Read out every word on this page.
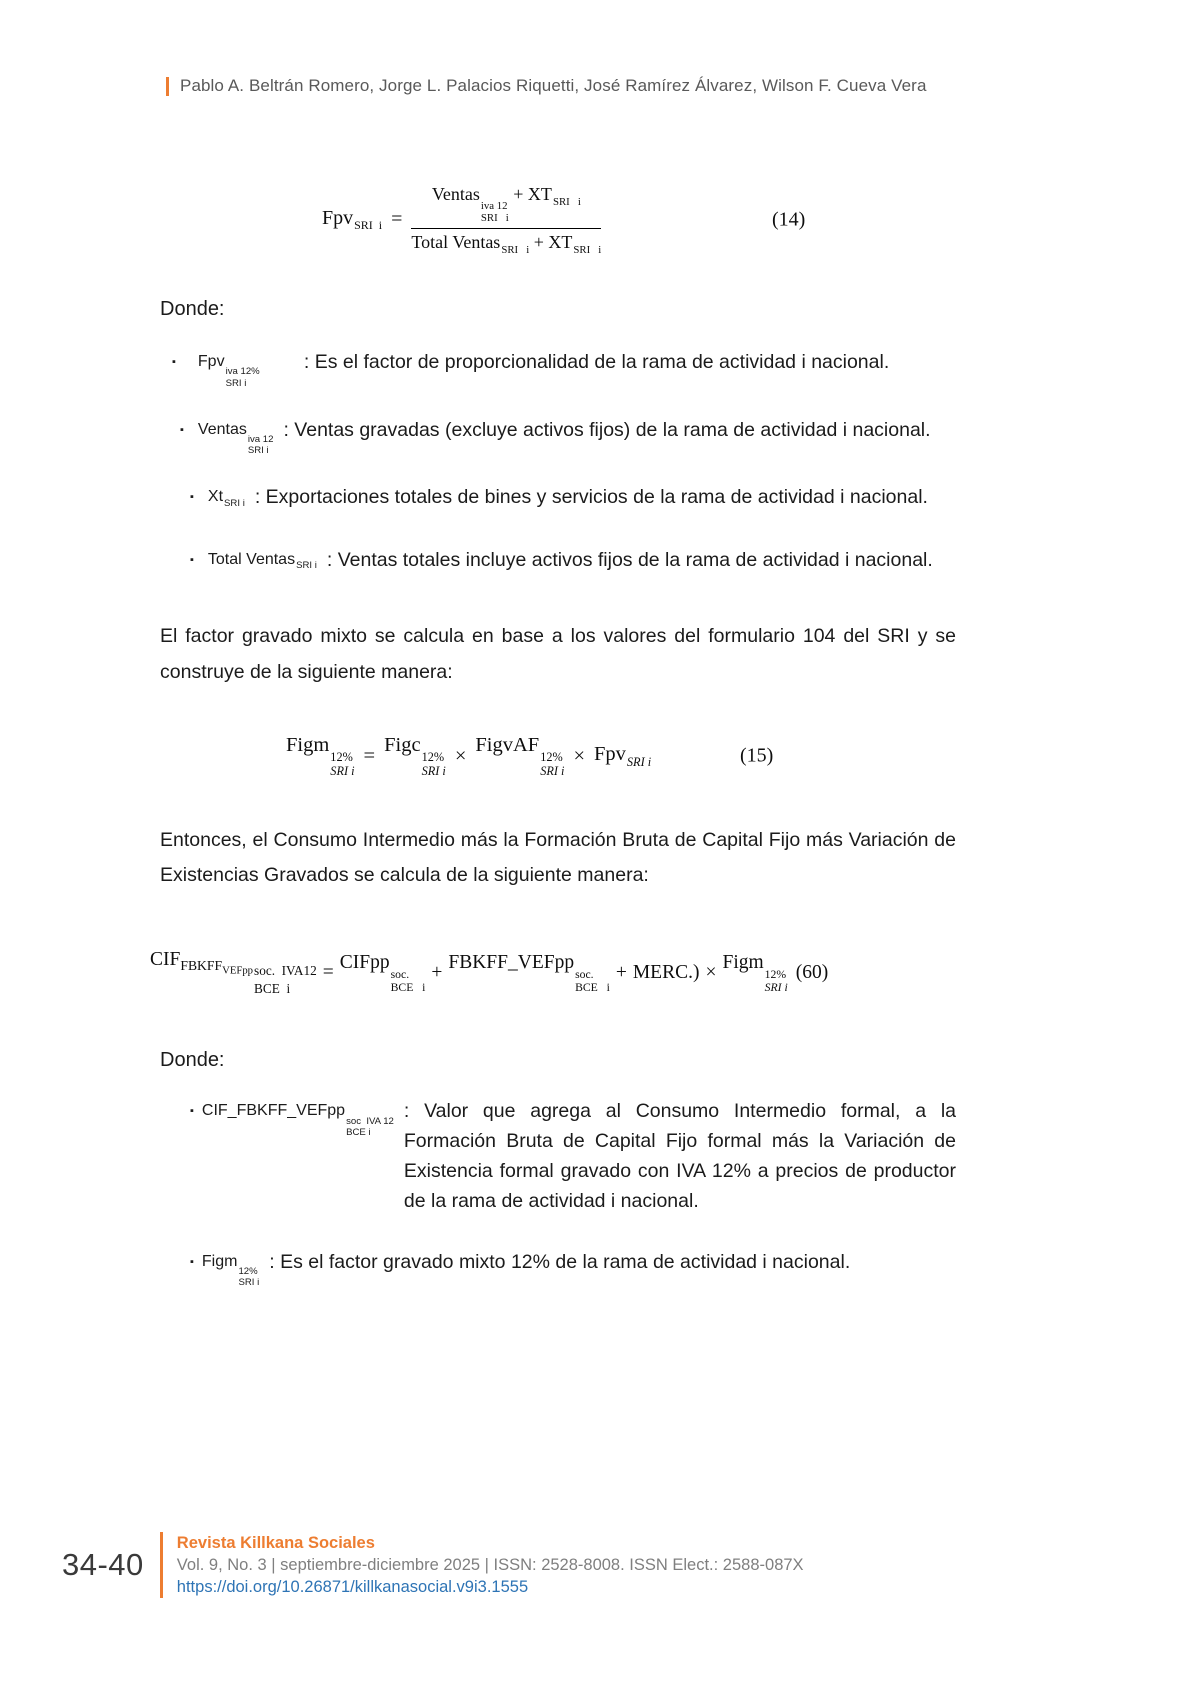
Pablo A. Beltrán Romero, Jorge L. Palacios Riquetti, José Ramírez Álvarez, Wilson F. Cueva Vera
Fpv$_{SRI i}$ = Ventas
iva 12
SRI   i
+ $XT_{SRI i}$
Total Ventas$_{SRI i}$ + $XT_{SRI i}$	(14)
Donde:
▪ Fpv
iva 12%
SRI i
: Es el factor de proporcionalidad de la rama de actividad i nacional.
▪ Ventas
iva 12
SRI i
: Ventas gravadas (excluye activos fijos) de la rama de actividad i nacional.
▪ $Xt_{SRI i}$ : Exportaciones totales de bines y servicios de la rama de actividad i nacional.
▪ Total Ventas$_{SRI i}$ : Ventas totales incluye activos fijos de la rama de actividad i nacional.
El factor gravado mixto se calcula en base a los valores del formulario 104 del SRI y se construye de la siguiente manera:
Figm
12%
SRI i
= Figc
12%
SRI i
× FigvAF
12%
SRI i
× Fpv$_{SRI i}$	(15)
Entonces, el Consumo Intermedio más la Formación Bruta de Capital Fijo más Variación de Existencias Gravados se calcula de la siguiente manera:
$CIF_{FBKFFVEFpp}$ soc.  IVA12
BCE  i
= CIFpp
soc.
BCE   i
+ FBKFF_VEFpp
soc.
BCE   i
+ MERC.) × Figm
12%
SRI i
(60)
Donde:
▪ CIF_FBKFF_VEFpp
soc  IVA 12
BCE i
: Valor que agrega al Consumo Intermedio formal, a la Formación Bruta de Capital Fijo formal más la Variación de Existencia formal gravado con IVA 12% a precios de productor de la rama de actividad i nacional.
▪ Figm
12%
SRI i
: Es el factor gravado mixto 12% de la rama de actividad i nacional.
34-40
Revista Killkana Sociales
Vol. 9, No. 3 | septiembre-diciembre 2025 | ISSN: 2528-8008. ISSN Elect.: 2588-087X
https://doi.org/10.26871/killkanasocial.v9i3.1555
